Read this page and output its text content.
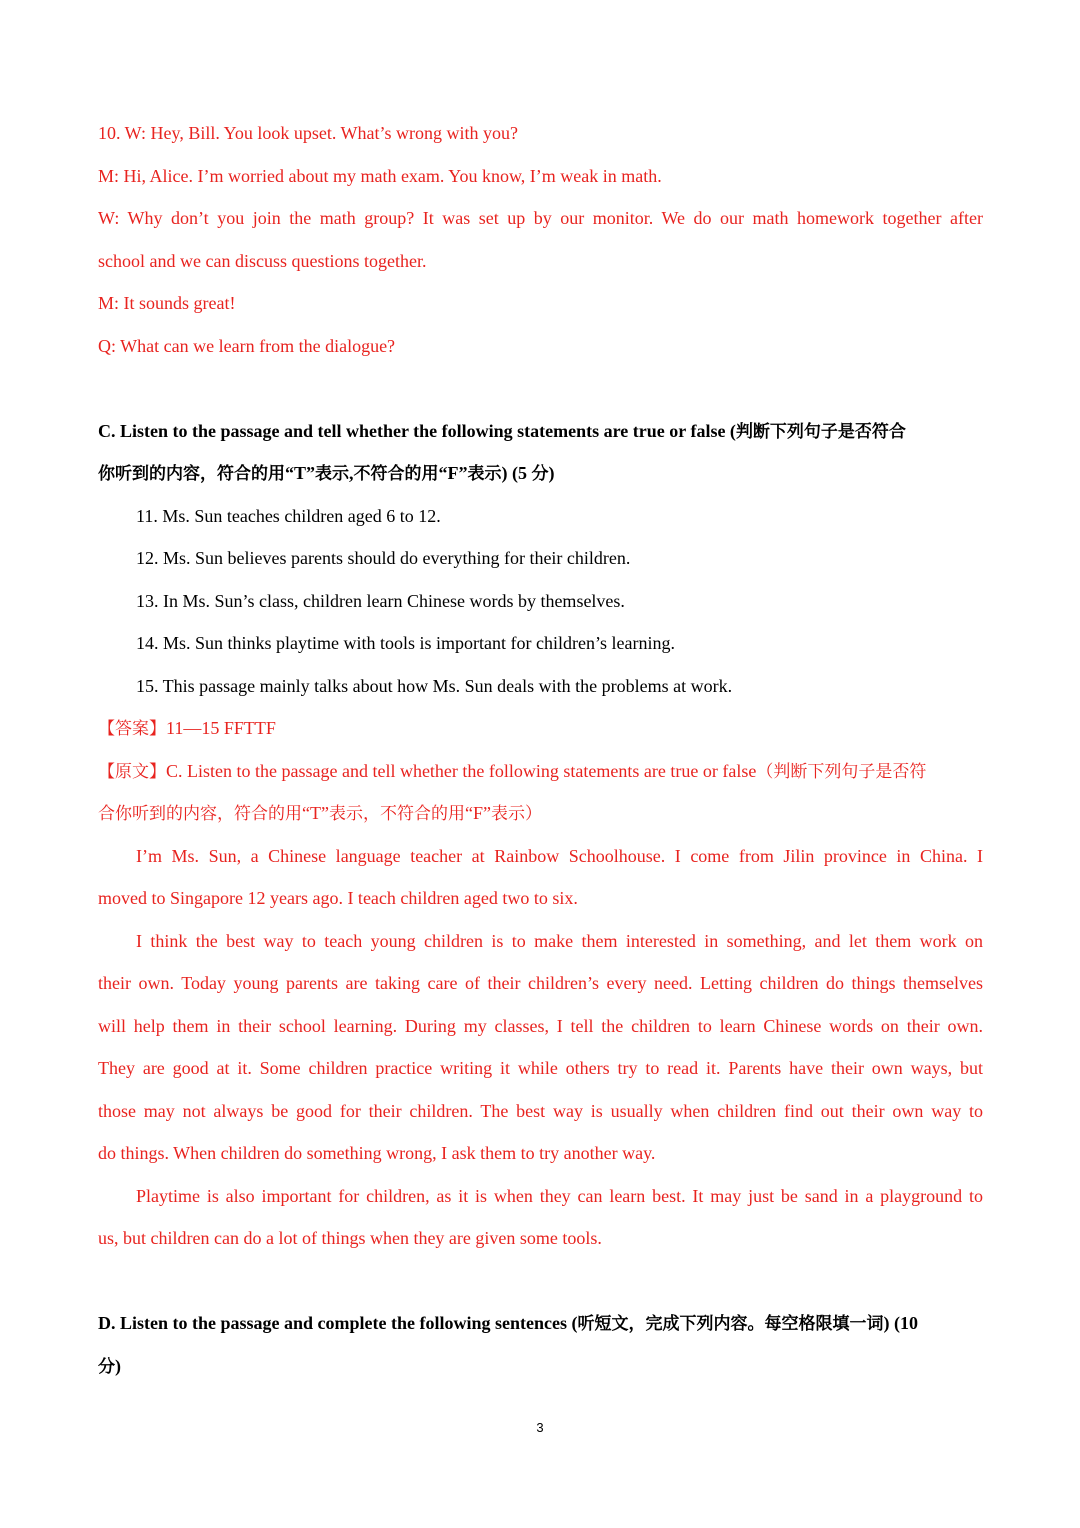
10. W: Hey, Bill. You look upset. What’s wrong with you?
M: Hi, Alice. I’m worried about my math exam. You know, I’m weak in math.
W: Why don’t you join the math group? It was set up by our monitor. We do our math homework together after
school and we can discuss questions together.
M: It sounds great!
Q: What can we learn from the dialogue?
C. Listen to the passage and tell whether the following statements are true or false (判断下列句子是否符合
你听到的内容，符合的用“T”表示,不符合的用“F”表示) (5 分)
11. Ms. Sun teaches children aged 6 to 12.
12. Ms. Sun believes parents should do everything for their children.
13. In Ms. Sun’s class, children learn Chinese words by themselves.
14. Ms. Sun thinks playtime with tools is important for children’s learning.
15. This passage mainly talks about how Ms. Sun deals with the problems at work.
【答案】11—15 FFTTF
【原文】C. Listen to the passage and tell whether the following statements are true or false（判断下列句子是否符
合你听到的内容，符合的用“T”表示，不符合的用“F”表示）
I’m Ms. Sun, a Chinese language teacher at Rainbow Schoolhouse. I come from Jilin province in China. I
moved to Singapore 12 years ago. I teach children aged two to six.
I think the best way to teach young children is to make them interested in something, and let them work on
their own. Today young parents are taking care of their children’s every need. Letting children do things themselves
will help them in their school learning. During my classes, I tell the children to learn Chinese words on their own.
They are good at it. Some children practice writing it while others try to read it. Parents have their own ways, but
those may not always be good for their children. The best way is usually when children find out their own way to
do things. When children do something wrong, I ask them to try another way.
Playtime is also important for children, as it is when they can learn best. It may just be sand in a playground to
us, but children can do a lot of things when they are given some tools.
D. Listen to the passage and complete the following sentences (听短文，完成下列内容。每空格限填一词) (10
分)
3
